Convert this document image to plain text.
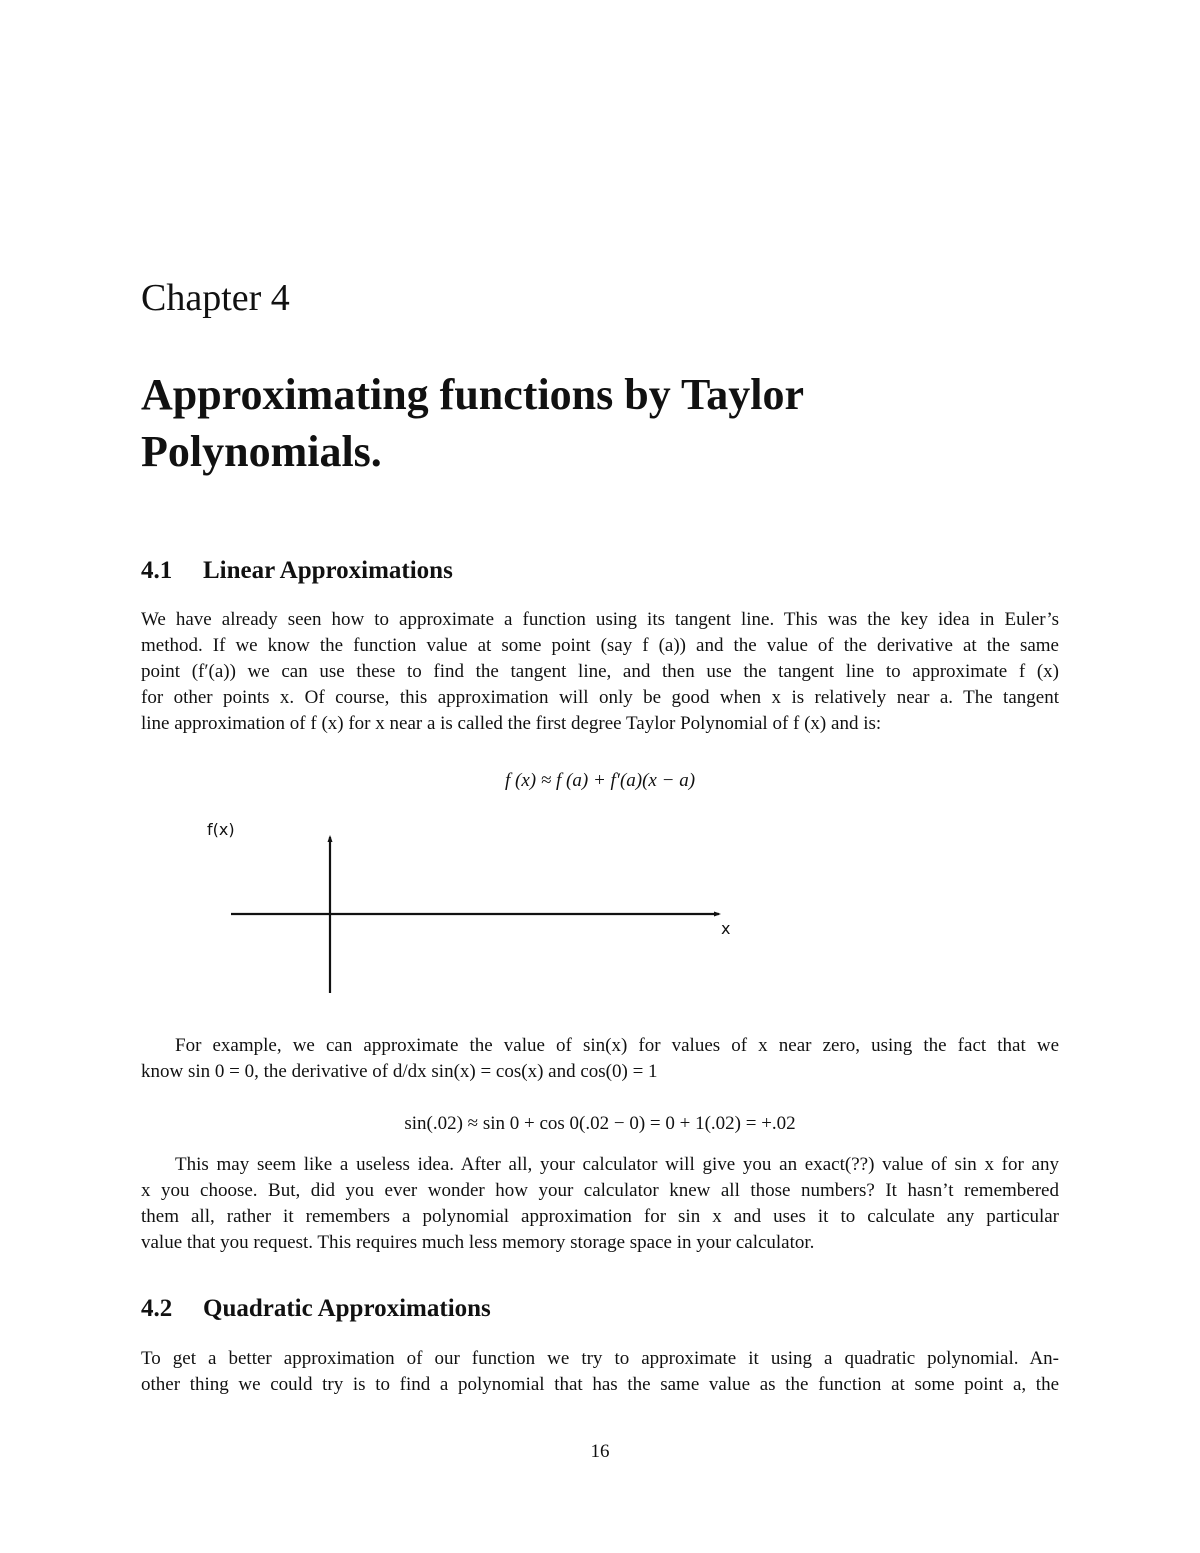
Chapter 4
Approximating functions by Taylor Polynomials.
4.1 Linear Approximations
We have already seen how to approximate a function using its tangent line. This was the key idea in Euler’s
method. If we know the function value at some point (say f (a)) and the value of the derivative at the same
point (f′(a)) we can use these to find the tangent line, and then use the tangent line to approximate f (x)
for other points x. Of course, this approximation will only be good when x is relatively near a. The tangent
line approximation of f (x) for x near a is called the first degree Taylor Polynomial of f (x) and is:
f (x) ≈ f (a) + f′(a)(x − a)
f(x)
x
For example, we can approximate the value of sin(x) for values of x near zero, using the fact that we
know sin 0 = 0, the derivative of d/dx sin(x) = cos(x) and cos(0) = 1
sin(.02) ≈ sin 0 + cos 0(.02 − 0) = 0 + 1(.02) = +.02
This may seem like a useless idea. After all, your calculator will give you an exact(??) value of sin x for any
x you choose. But, did you ever wonder how your calculator knew all those numbers? It hasn’t remembered
them all, rather it remembers a polynomial approximation for sin x and uses it to calculate any particular
value that you request. This requires much less memory storage space in your calculator.
4.2 Quadratic Approximations
To get a better approximation of our function we try to approximate it using a quadratic polynomial. An-
other thing we could try is to find a polynomial that has the same value as the function at some point a, the
16
